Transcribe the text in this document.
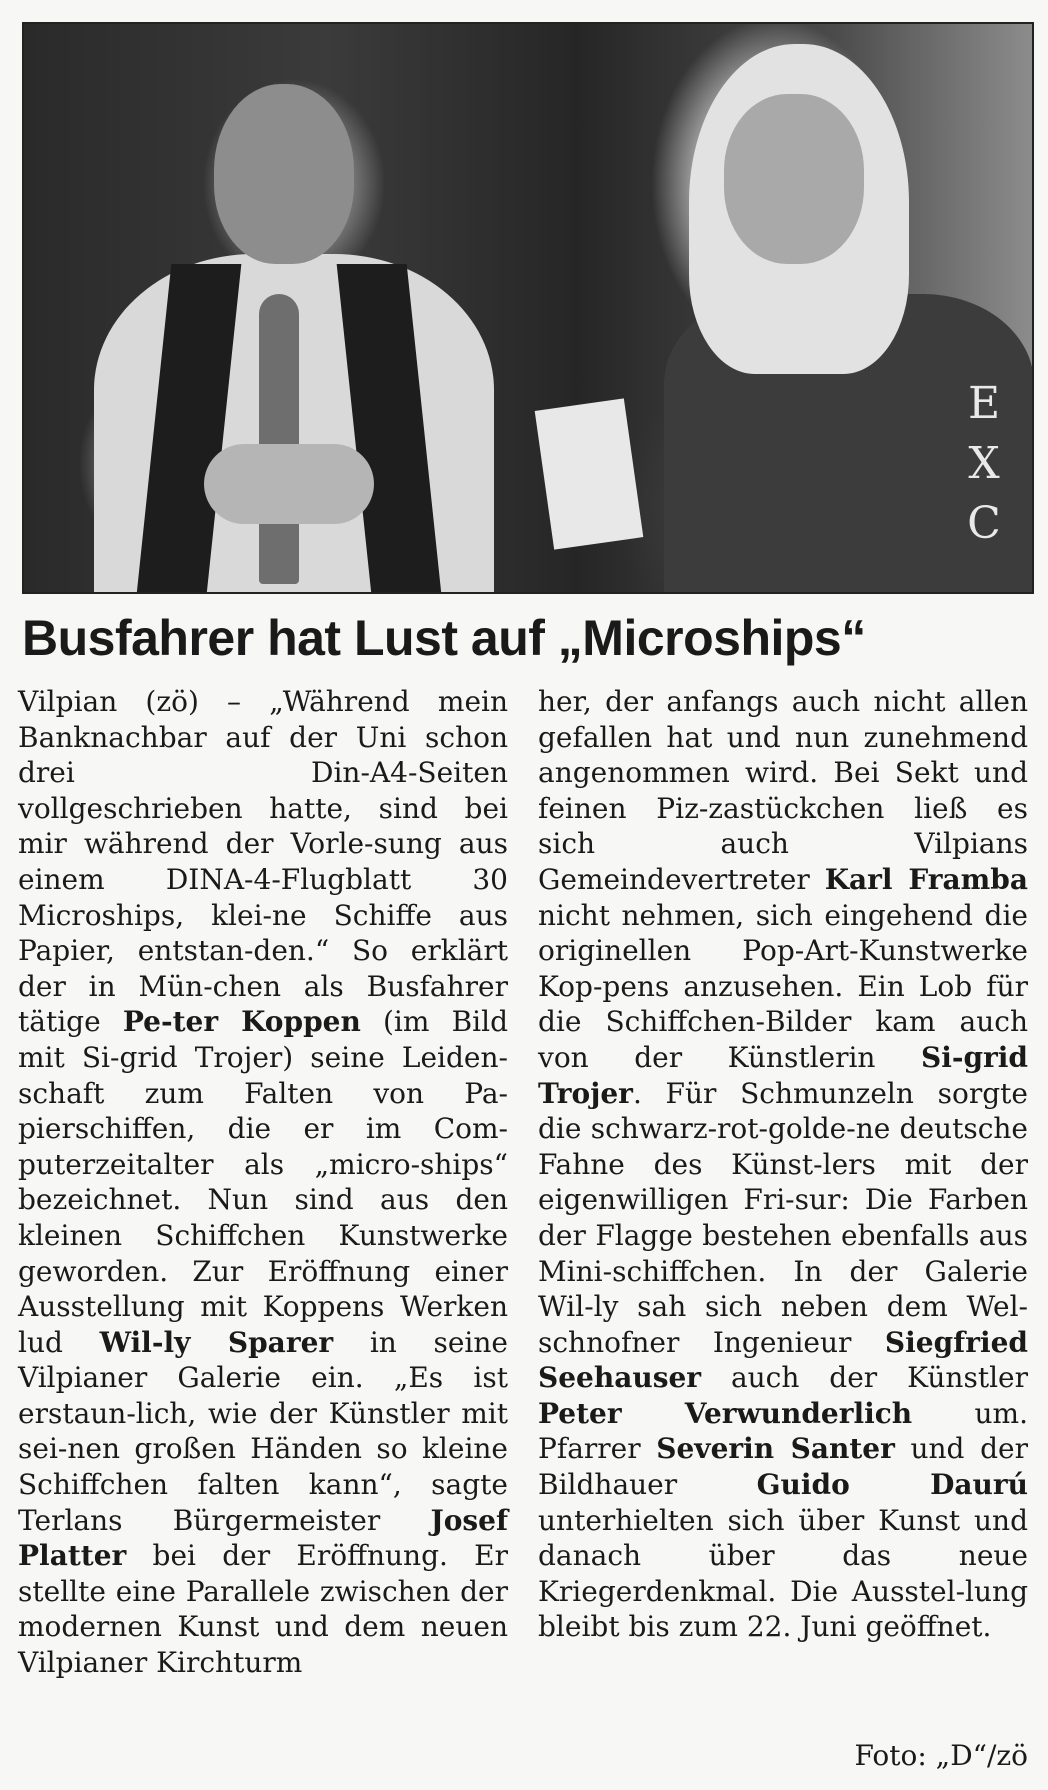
E
X
C
Busfahrer hat Lust auf „Microships“

Vilpian (zö) – „Während mein Banknachbar auf der Uni schon drei Din-A4-Seiten vollgeschrieben hatte, sind bei mir während der Vorle-sung aus einem DINA-4-Flugblatt 30 Microships, klei-ne Schiffe aus Papier, entstan-den.“ So erklärt der in Mün-chen als Busfahrer tätige Pe-ter Koppen (im Bild mit Si-grid Trojer) seine Leiden-schaft zum Falten von Pa-pierschiffen, die er im Com-puterzeitalter als „micro-ships“ bezeichnet. Nun sind aus den kleinen Schiffchen Kunstwerke geworden. Zur Eröffnung einer Ausstellung mit Koppens Werken lud Wil-ly Sparer in seine Vilpianer Galerie ein. „Es ist erstaun-lich, wie der Künstler mit sei-nen großen Händen so kleine Schiffchen falten kann“, sagte Terlans Bürgermeister Josef Platter bei der Eröffnung. Er stellte eine Parallele zwischen der modernen Kunst und dem neuen Vilpianer Kirchturm

her, der anfangs auch nicht allen gefallen hat und nun zunehmend angenommen wird. Bei Sekt und feinen Piz-zastückchen ließ es sich auch Vilpians Gemeindevertreter Karl Framba nicht nehmen, sich eingehend die originellen Pop-Art-Kunstwerke Kop-pens anzusehen. Ein Lob für die Schiffchen-Bilder kam auch von der Künstlerin Si-grid Trojer. Für Schmunzeln sorgte die schwarz-rot-golde-ne deutsche Fahne des Künst-lers mit der eigenwilligen Fri-sur: Die Farben der Flagge bestehen ebenfalls aus Mini-schiffchen. In der Galerie Wil-ly sah sich neben dem Wel-schnofner Ingenieur Siegfried Seehauser auch der Künstler Peter Verwunderlich um. Pfarrer Severin Santer und der Bildhauer Guido Daurú unterhielten sich über Kunst und danach über das neue Kriegerdenkmal. Die Ausstel-lung bleibt bis zum 22. Juni geöffnet.

Foto: „D“/zö
